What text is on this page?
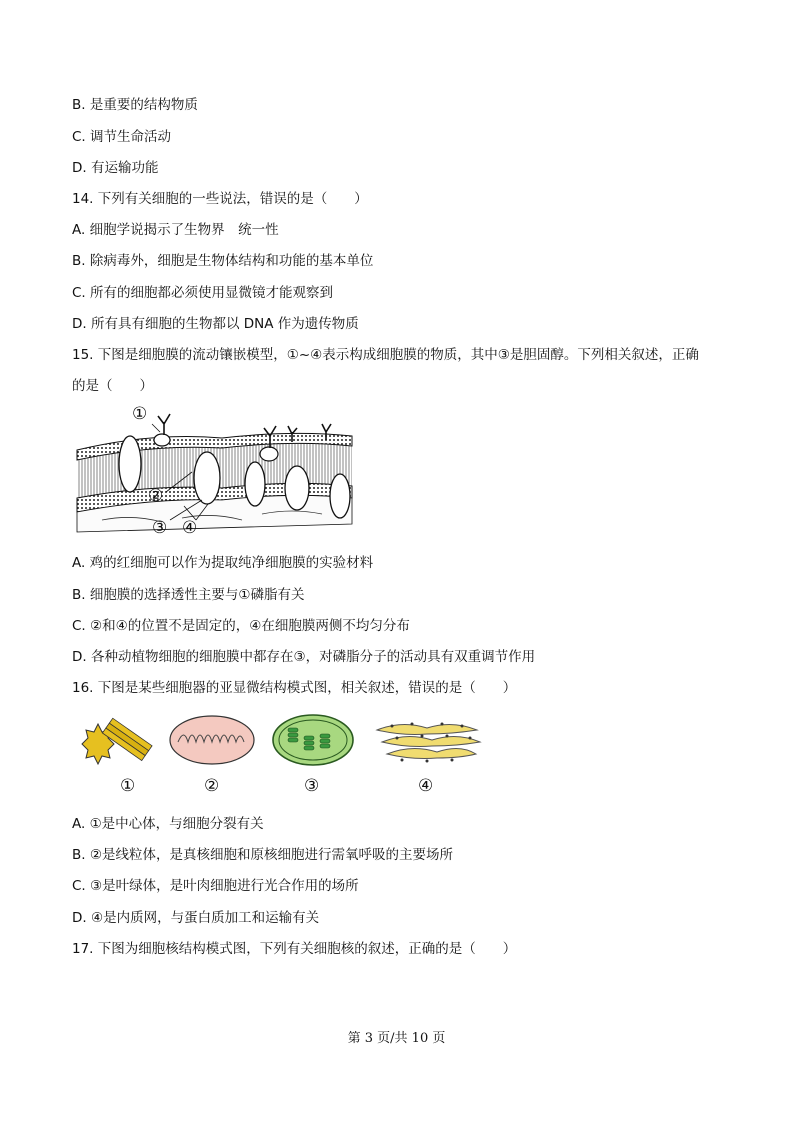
B. 是重要的结构物质
C. 调节生命活动
D. 有运输功能
14. 下列有关细胞的一些说法，错误的是（　　）
A. 细胞学说揭示了生物界　统一性
B. 除病毒外，细胞是生物体结构和功能的基本单位
C. 所有的细胞都必须使用显微镜才能观察到
D. 所有具有细胞的生物都以 DNA 作为遗传物质
15. 下图是细胞膜的流动镶嵌模型，①~④表示构成细胞膜的物质，其中③是胆固醇。下列相关叙述，正确
的是（　　）
①
②
③ ④
A. 鸡的红细胞可以作为提取纯净细胞膜的实验材料
B. 细胞膜的选择透性主要与①磷脂有关
C. ②和④的位置不是固定的，④在细胞膜两侧不均匀分布
D. 各种动植物细胞的细胞膜中都存在③，对磷脂分子的活动具有双重调节作用
16. 下图是某些细胞器的亚显微结构模式图，相关叙述，错误的是（　　）
①	②	③	④
A. ①是中心体，与细胞分裂有关
B. ②是线粒体，是真核细胞和原核细胞进行需氧呼吸的主要场所
C. ③是叶绿体，是叶肉细胞进行光合作用的场所
D. ④是内质网，与蛋白质加工和运输有关
17. 下图为细胞核结构模式图，下列有关细胞核的叙述，正确的是（　　）
第 3 页/共 10 页
